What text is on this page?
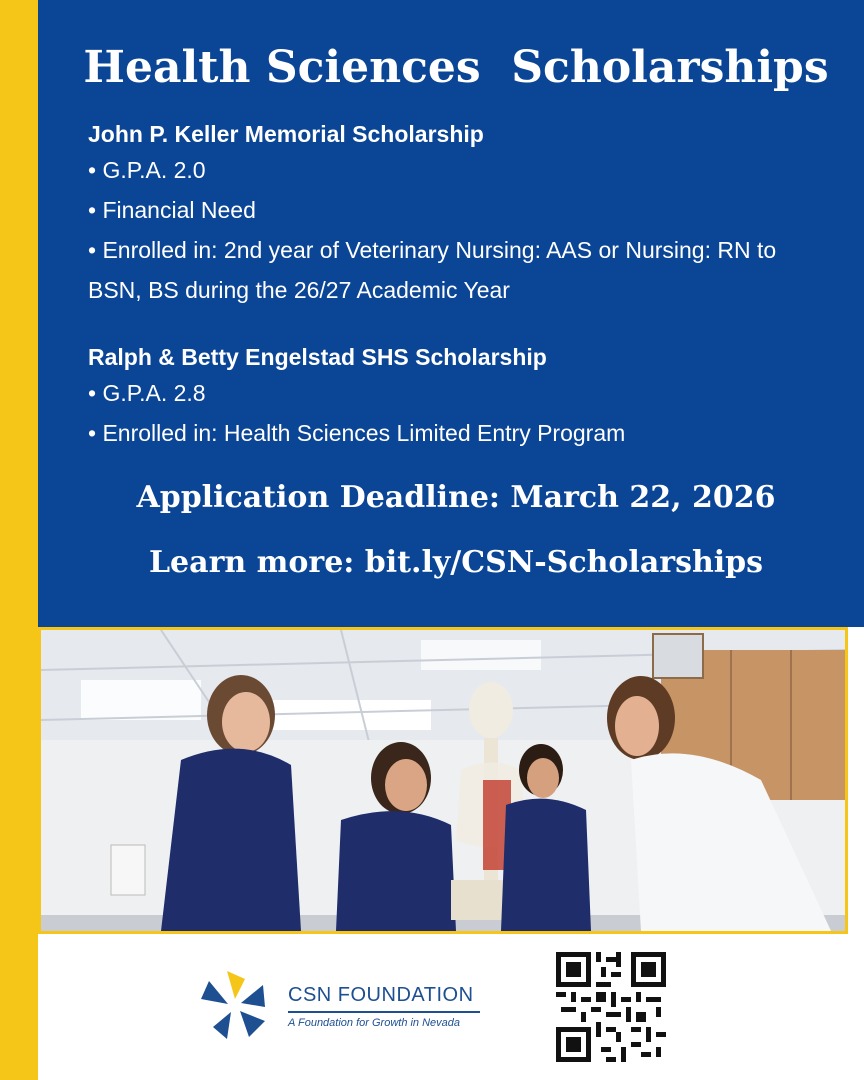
Health Sciences  Scholarships

John P. Keller Memorial Scholarship

• G.P.A. 2.0

• Financial Need

• Enrolled in: 2nd year of Veterinary Nursing: AAS or Nursing: RN to BSN, BS during the 26/27 Academic Year

Ralph & Betty Engelstad SHS Scholarship

• G.P.A. 2.8

• Enrolled in: Health Sciences Limited Entry Program

Application Deadline: March 22, 2026
Learn more: bit.ly/CSN-Scholarships

CSN FOUNDATION

A Foundation for Growth in Nevada
